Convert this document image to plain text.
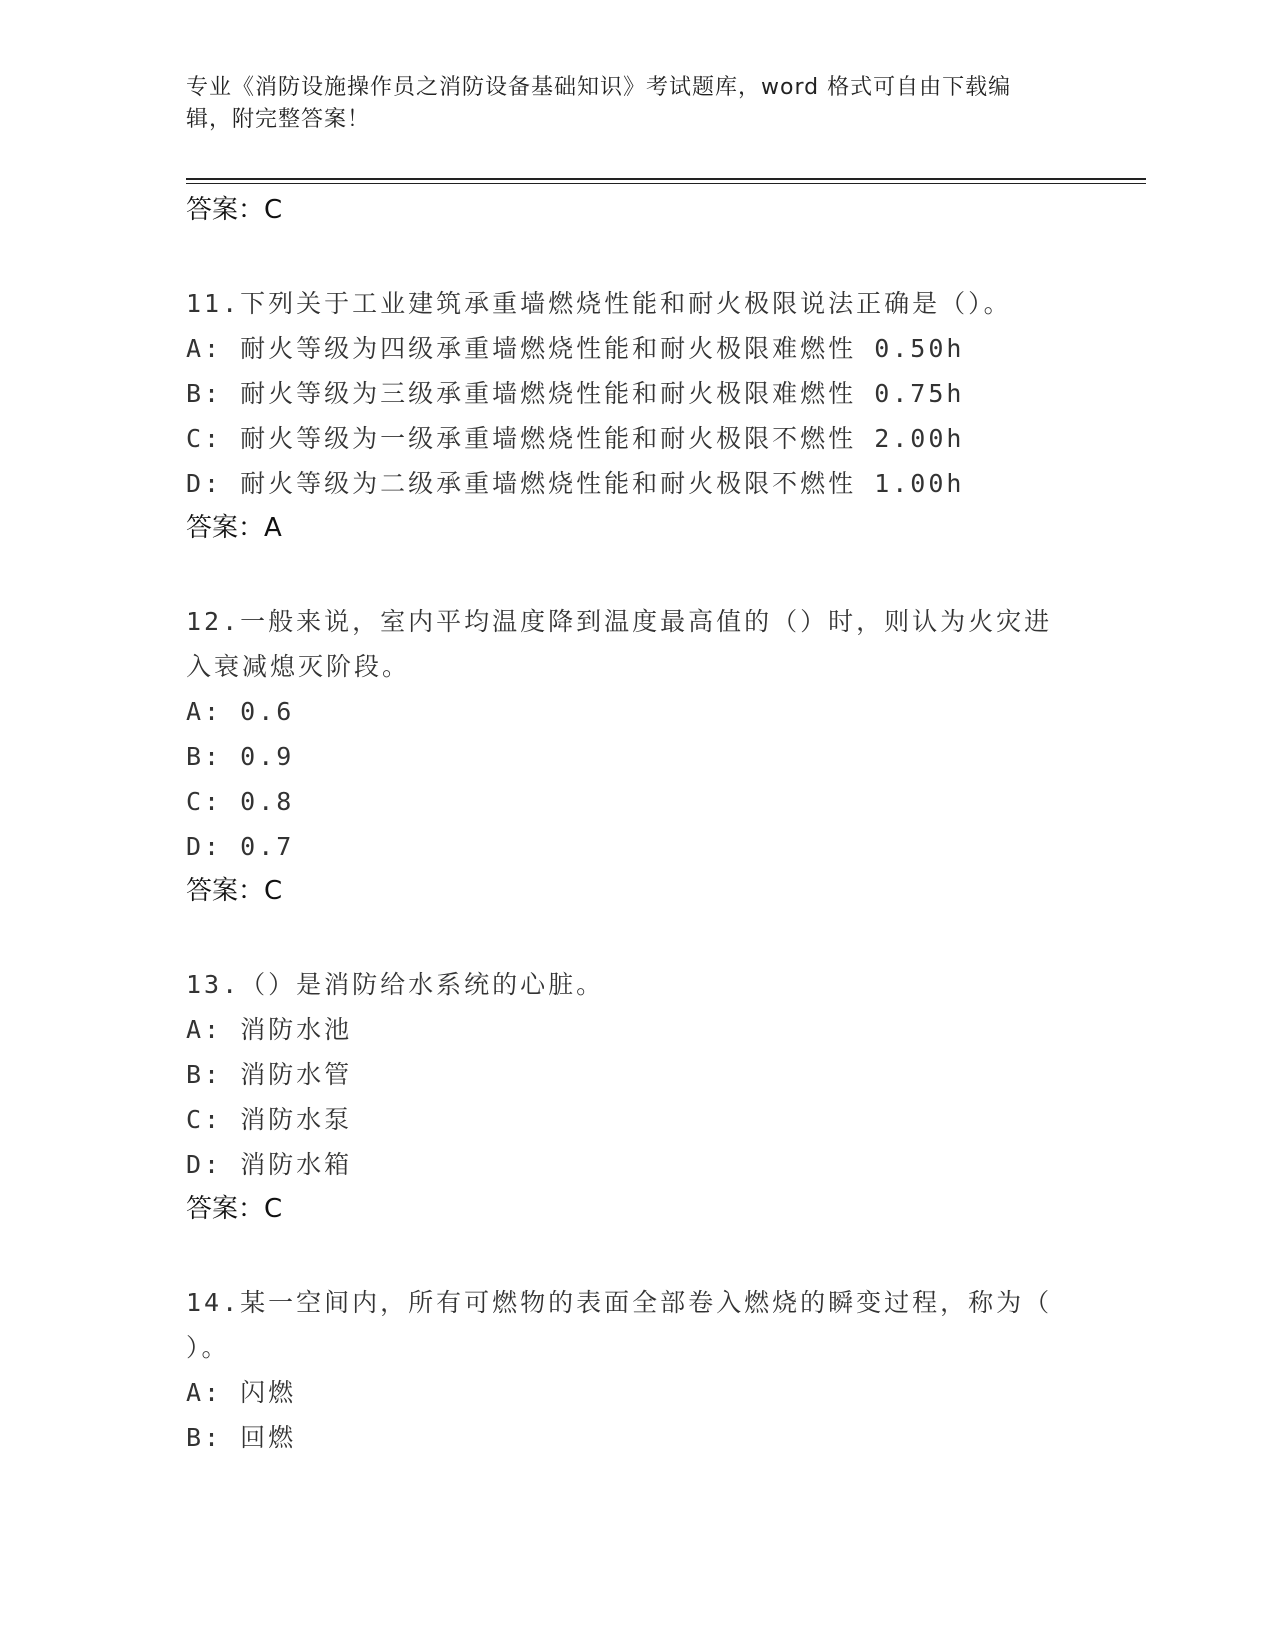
专业《消防设施操作员之消防设备基础知识》考试题库，word 格式可自由下载编
辑，附完整答案！
答案：C
11.下列关于工业建筑承重墙燃烧性能和耐火极限说法正确是（）。
A: 耐火等级为四级承重墙燃烧性能和耐火极限难燃性 0.50h
B: 耐火等级为三级承重墙燃烧性能和耐火极限难燃性 0.75h
C: 耐火等级为一级承重墙燃烧性能和耐火极限不燃性 2.00h
D: 耐火等级为二级承重墙燃烧性能和耐火极限不燃性 1.00h
答案：A
12.一般来说，室内平均温度降到温度最高值的（）时，则认为火灾进
入衰减熄灭阶段。
A: 0.6
B: 0.9
C: 0.8
D: 0.7
答案：C
13.（）是消防给水系统的心脏。
A: 消防水池
B: 消防水管
C: 消防水泵
D: 消防水箱
答案：C
14.某一空间内，所有可燃物的表面全部卷入燃烧的瞬变过程，称为（
）。
A: 闪燃
B: 回燃
